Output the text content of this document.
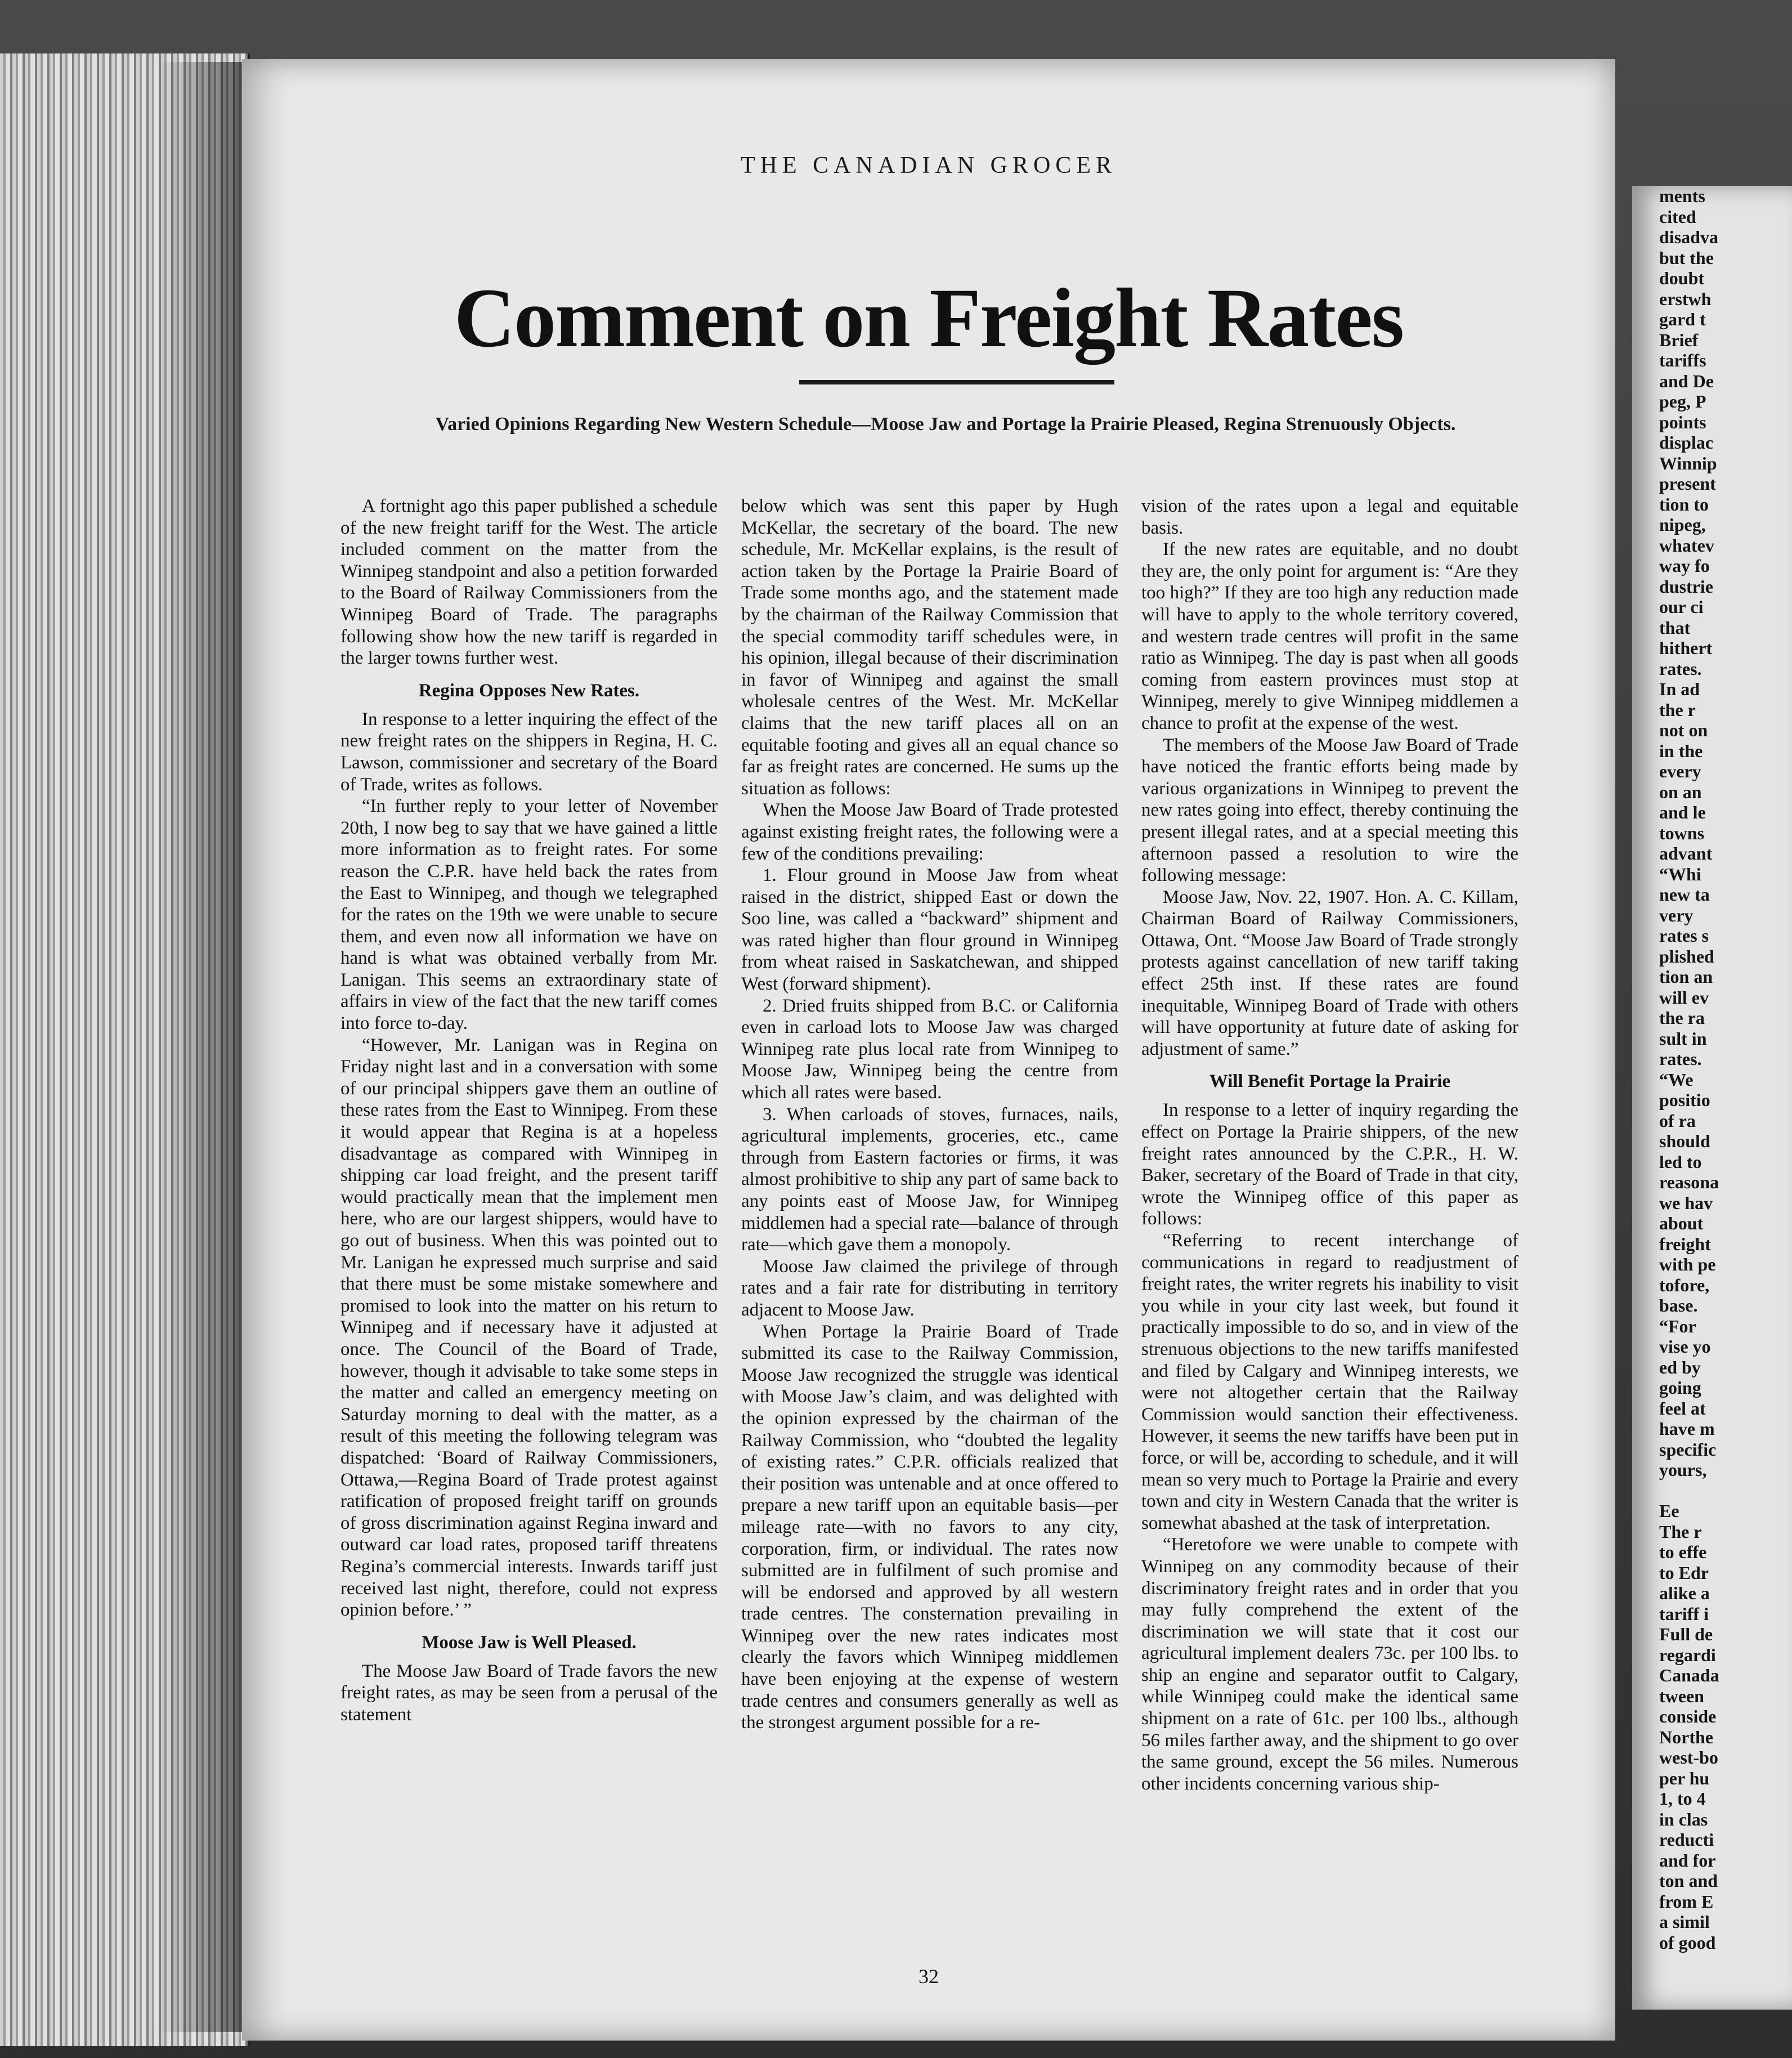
THE CANADIAN GROCER
Comment on Freight Rates
Varied Opinions Regarding New Western Schedule—Moose Jaw and Portage la Prairie Pleased, Regina Strenuously Objects.

A fortnight ago this paper published a schedule of the new freight tariff for the West. The article included comment on the matter from the Winnipeg standpoint and also a petition forwarded to the Board of Railway Commissioners from the Winnipeg Board of Trade. The paragraphs following show how the new tariff is regarded in the larger towns further west.

Regina Opposes New Rates.

In response to a letter inquiring the effect of the new freight rates on the shippers in Regina, H. C. Lawson, commissioner and secretary of the Board of Trade, writes as follows.

“In further reply to your letter of November 20th, I now beg to say that we have gained a little more information as to freight rates. For some reason the C.P.R. have held back the rates from the East to Winnipeg, and though we telegraphed for the rates on the 19th we were unable to secure them, and even now all information we have on hand is what was obtained verbally from Mr. Lanigan. This seems an extraordinary state of affairs in view of the fact that the new tariff comes into force to-day.

“However, Mr. Lanigan was in Regina on Friday night last and in a conversation with some of our principal shippers gave them an outline of these rates from the East to Winnipeg. From these it would appear that Regina is at a hopeless disadvantage as compared with Winnipeg in shipping car load freight, and the present tariff would practically mean that the implement men here, who are our largest shippers, would have to go out of business. When this was pointed out to Mr. Lanigan he expressed much surprise and said that there must be some mistake somewhere and promised to look into the matter on his return to Winnipeg and if necessary have it adjusted at once. The Council of the Board of Trade, however, though it advisable to take some steps in the matter and called an emergency meeting on Saturday morning to deal with the matter, as a result of this meeting the following telegram was dispatched: ‘Board of Railway Commissioners, Ottawa,—Regina Board of Trade protest against ratification of proposed freight tariff on grounds of gross discrimination against Regina inward and outward car load rates, proposed tariff threatens Regina’s commercial interests. Inwards tariff just received last night, therefore, could not express opinion before.’ ”

Moose Jaw is Well Pleased.

The Moose Jaw Board of Trade favors the new freight rates, as may be seen from a perusal of the statement

below which was sent this paper by Hugh McKellar, the secretary of the board. The new schedule, Mr. McKellar explains, is the result of action taken by the Portage la Prairie Board of Trade some months ago, and the statement made by the chairman of the Railway Commission that the special commodity tariff schedules were, in his opinion, illegal because of their discrimination in favor of Winnipeg and against the small wholesale centres of the West. Mr. McKellar claims that the new tariff places all on an equitable footing and gives all an equal chance so far as freight rates are concerned. He sums up the situation as follows:

When the Moose Jaw Board of Trade protested against existing freight rates, the following were a few of the conditions prevailing:

1. Flour ground in Moose Jaw from wheat raised in the district, shipped East or down the Soo line, was called a “backward” shipment and was rated higher than flour ground in Winnipeg from wheat raised in Saskatchewan, and shipped West (forward shipment).

2. Dried fruits shipped from B.C. or California even in carload lots to Moose Jaw was charged Winnipeg rate plus local rate from Winnipeg to Moose Jaw, Winnipeg being the centre from which all rates were based.

3. When carloads of stoves, furnaces, nails, agricultural implements, groceries, etc., came through from Eastern factories or firms, it was almost prohibitive to ship any part of same back to any points east of Moose Jaw, for Winnipeg middlemen had a special rate—balance of through rate—which gave them a monopoly.

Moose Jaw claimed the privilege of through rates and a fair rate for distributing in territory adjacent to Moose Jaw.

When Portage la Prairie Board of Trade submitted its case to the Railway Commission, Moose Jaw recognized the struggle was identical with Moose Jaw’s claim, and was delighted with the opinion expressed by the chairman of the Railway Commission, who “doubted the legality of existing rates.” C.P.R. officials realized that their position was untenable and at once offered to prepare a new tariff upon an equitable basis—per mileage rate—with no favors to any city, corporation, firm, or individual. The rates now submitted are in fulfilment of such promise and will be endorsed and approved by all western trade centres. The consternation prevailing in Winnipeg over the new rates indicates most clearly the favors which Winnipeg middlemen have been enjoying at the expense of western trade centres and consumers generally as well as the strongest argument possible for a re-

vision of the rates upon a legal and equitable basis.

If the new rates are equitable, and no doubt they are, the only point for argument is: “Are they too high?” If they are too high any reduction made will have to apply to the whole territory covered, and western trade centres will profit in the same ratio as Winnipeg. The day is past when all goods coming from eastern provinces must stop at Winnipeg, merely to give Winnipeg middlemen a chance to profit at the expense of the west.

The members of the Moose Jaw Board of Trade have noticed the frantic efforts being made by various organizations in Winnipeg to prevent the new rates going into effect, thereby continuing the present illegal rates, and at a special meeting this afternoon passed a resolution to wire the following message:

Moose Jaw, Nov. 22, 1907. Hon. A. C. Killam, Chairman Board of Railway Commissioners, Ottawa, Ont. “Moose Jaw Board of Trade strongly protests against cancellation of new tariff taking effect 25th inst. If these rates are found inequitable, Winnipeg Board of Trade with others will have opportunity at future date of asking for adjustment of same.”

Will Benefit Portage la Prairie

In response to a letter of inquiry regarding the effect on Portage la Prairie shippers, of the new freight rates announced by the C.P.R., H. W. Baker, secretary of the Board of Trade in that city, wrote the Winnipeg office of this paper as follows:

“Referring to recent interchange of communications in regard to readjustment of freight rates, the writer regrets his inability to visit you while in your city last week, but found it practically impossible to do so, and in view of the strenuous objections to the new tariffs manifested and filed by Calgary and Winnipeg interests, we were not altogether certain that the Railway Commission would sanction their effectiveness. However, it seems the new tariffs have been put in force, or will be, according to schedule, and it will mean so very much to Portage la Prairie and every town and city in Western Canada that the writer is somewhat abashed at the task of interpretation.

“Heretofore we were unable to compete with Winnipeg on any commodity because of their discriminatory freight rates and in order that you may fully comprehend the extent of the discrimination we will state that it cost our agricultural implement dealers 73c. per 100 lbs. to ship an engine and separator outfit to Calgary, while Winnipeg could make the identical same shipment on a rate of 61c. per 100 lbs., although 56 miles farther away, and the shipment to go over the same ground, except the 56 miles. Numerous other incidents concerning various ship-

32
ments
cited
disadva
but the
doubt
erstwh
gard t
Brief
tariffs
and De
peg, P
points
displac
Winnip
present
tion to
nipeg,
whatev
way fo
dustrie
our ci
that
hithert
rates.
In ad
the r
not on
in the
every
on an
and le
towns
advant
“Whi
new ta
very
rates s
plished
tion an
will ev
the ra
sult in
rates.
“We
positio
of ra
should
led to
reasona
we hav
about
freight
with pe
tofore,
base.
“For
vise yo
ed by
going
feel at
have m
specific
yours,

Ee
The r
to effe
to Edr
alike a
tariff i
Full de
regardi
Canada
tween
conside
Northe
west-bo
per hu
1, to 4
in clas
reducti
and for
ton and
from E
a simil
of good
